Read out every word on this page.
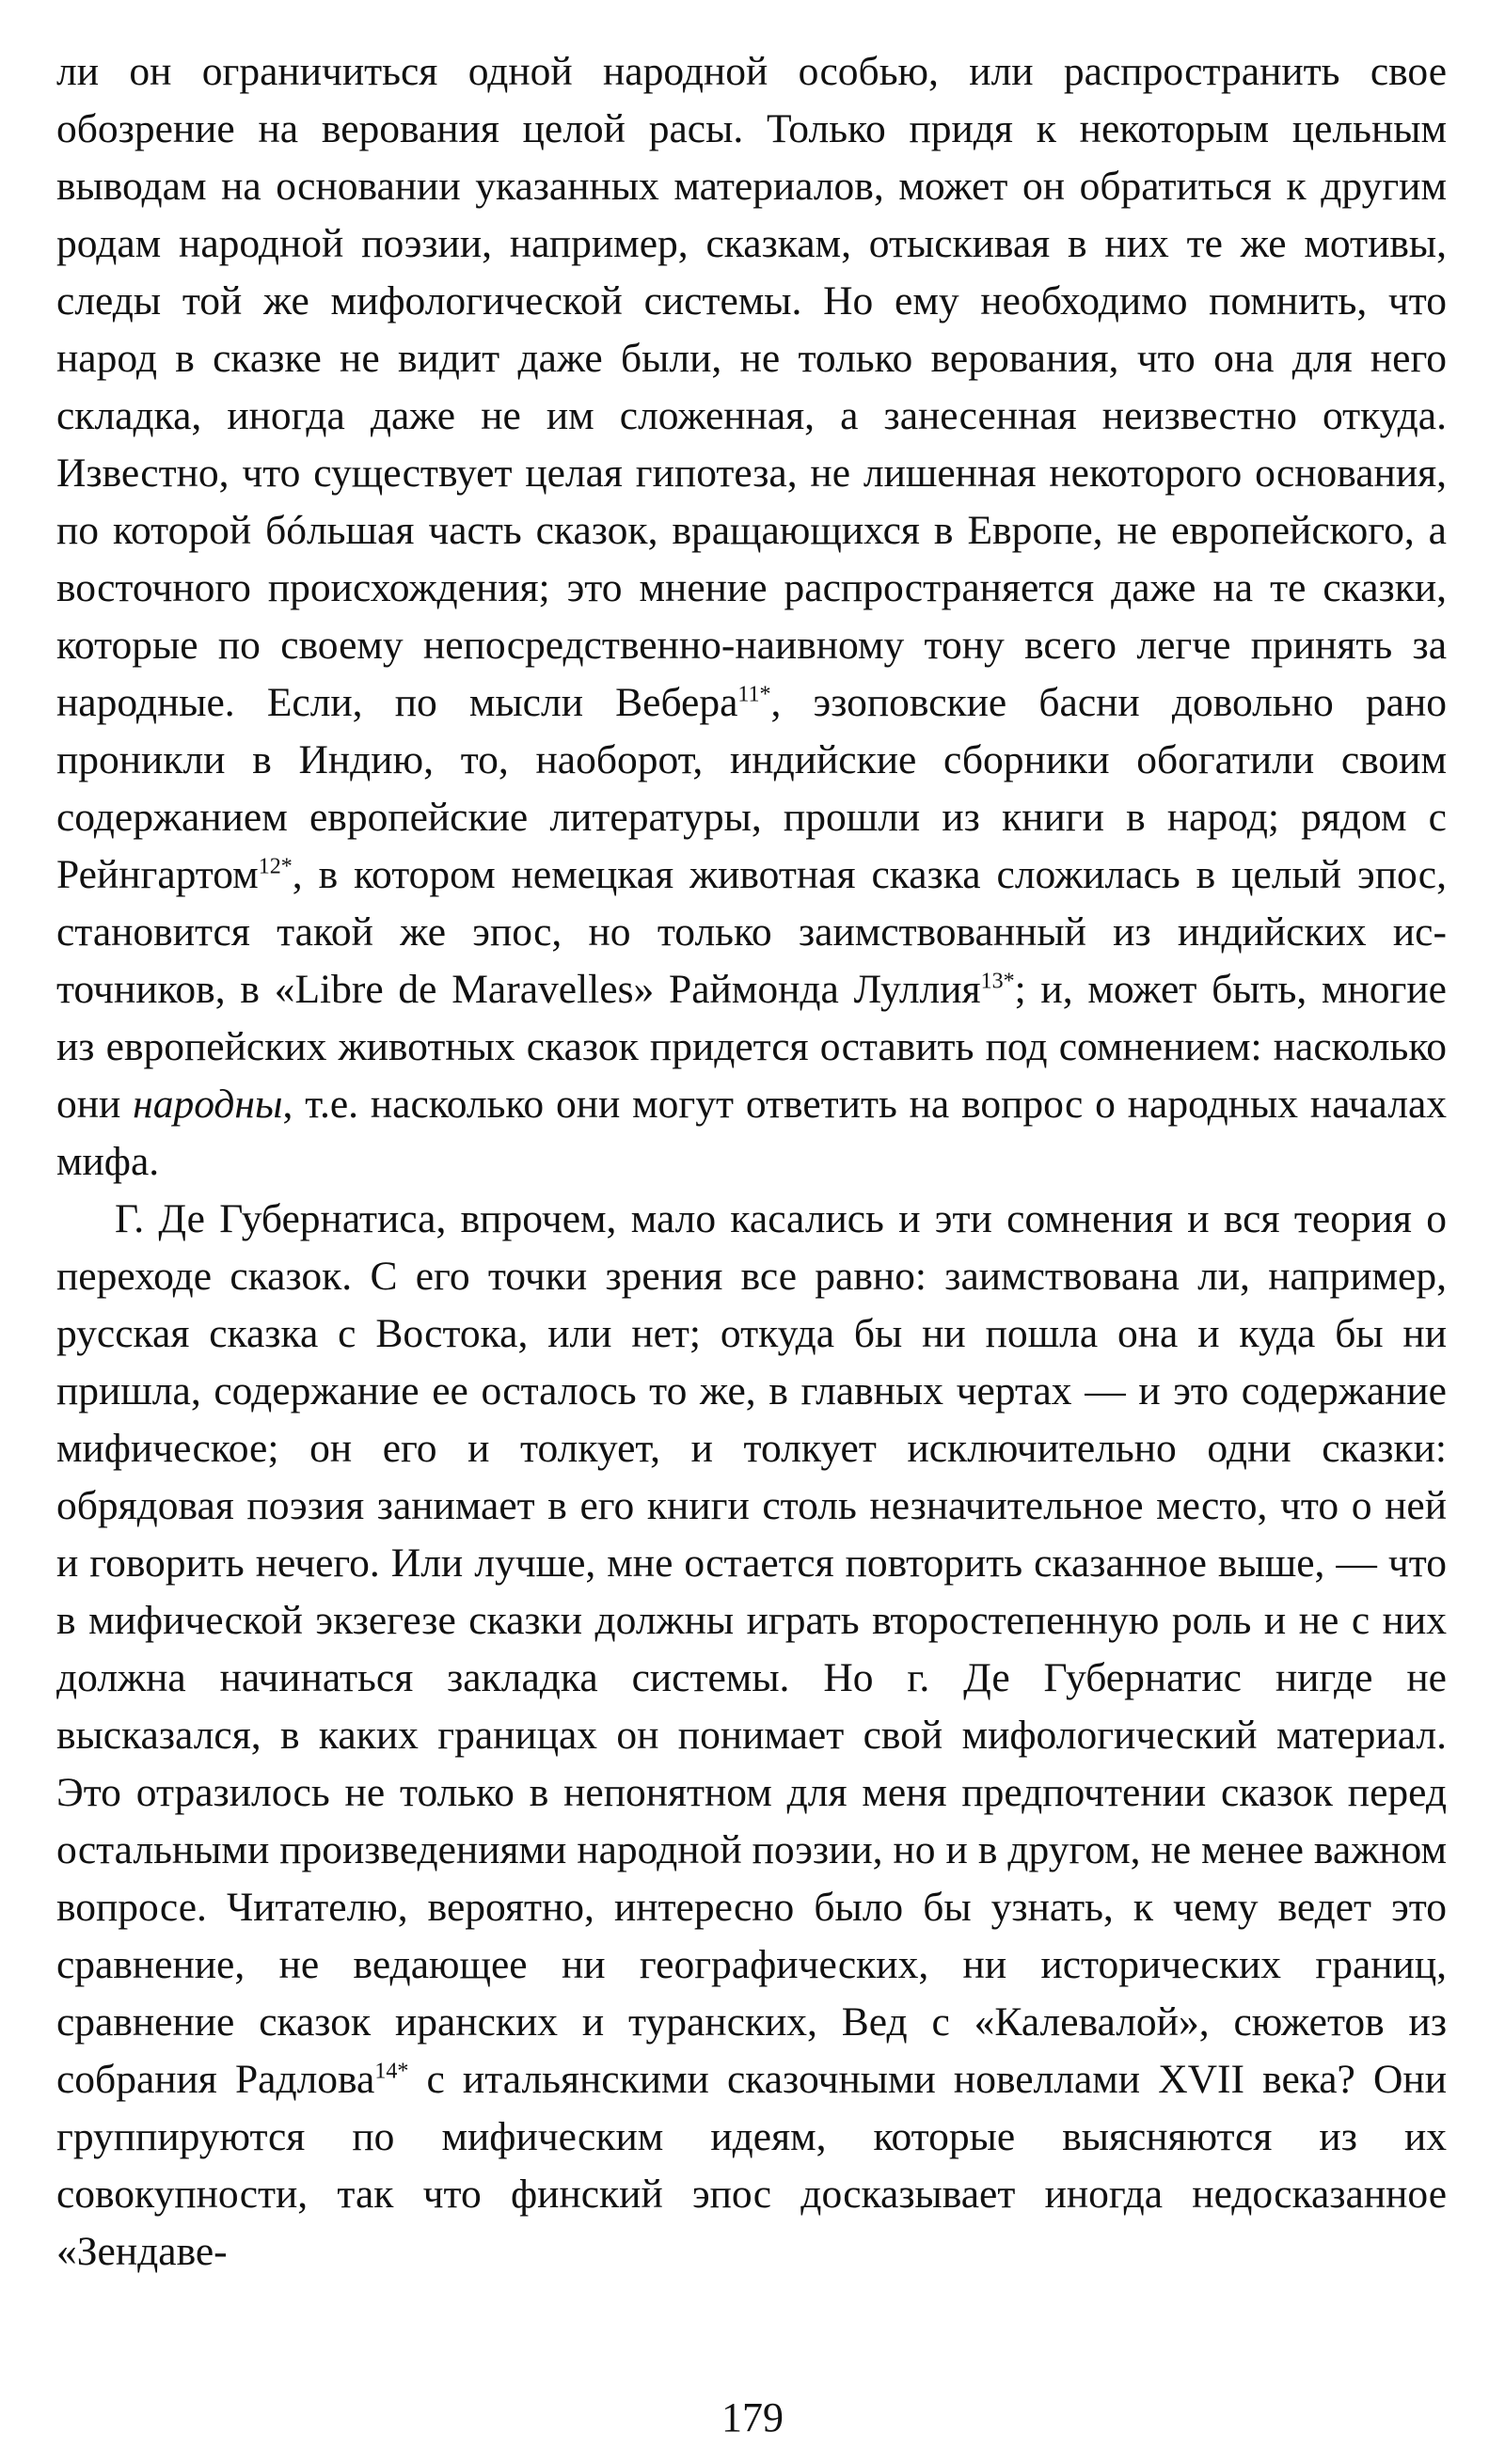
ли он ограничиться одной народной особью, или распространить свое обозрение на верования целой расы. Только придя к некоторым цельным выводам на основании указанных материалов, может он обратиться к другим родам народной поэзии, например, сказкам, отыскивая в них те же мотивы, следы той же мифологической системы. Но ему необходимо помнить, что народ в сказке не видит даже были, не только верования, что она для него складка, иногда даже не им сложенная, а занесенная неизвестно откуда. Известно, что существует целая гипотеза, не лишенная некоторого основания, по которой бóльшая часть сказок, вращающихся в Европе, не европейского, а восточного происхождения; это мнение распространяется даже на те сказки, которые по своему непосредственно-наивному тону всего легче принять за народные. Если, по мысли Вебера$^{11*}$, эзоповские басни довольно рано проникли в Индию, то, наоборот, индийские сборники обогатили своим содержанием европейские литературы, прошли из книги в народ; рядом с Рейнгартом$^{12*}$, в котором немецкая животная сказка сложилась в целый эпос, становится такой же эпос, но только заимствованный из индийских источников, в «Libre de Maravelles» Раймонда Луллия$^{13*}$; и, может быть, многие из европейских животных сказок придется оставить под сомнением: насколько они народны, т.е. насколько они могут ответить на вопрос о народных началах мифа.

Г. Де Губернатиса, впрочем, мало касались и эти сомнения и вся теория о переходе сказок. С его точки зрения все равно: заимствована ли, например, русская сказка с Востока, или нет; откуда бы ни пошла она и куда бы ни пришла, содержание ее осталось то же, в главных чертах — и это содержание мифическое; он его и толкует, и толкует исключительно одни сказки: обрядовая поэзия занимает в его книги столь незначительное место, что о ней и говорить нечего. Или лучше, мне остается повторить сказанное выше, — что в мифической экзегезе сказки должны играть второстепенную роль и не с них должна начинаться закладка системы. Но г. Де Губернатис нигде не высказался, в каких границах он понимает свой мифологический материал. Это отразилось не только в непонятном для меня предпочтении сказок перед остальными произведениями народной поэзии, но и в другом, не менее важном вопросе. Читателю, вероятно, интересно было бы узнать, к чему ведет это сравнение, не ведающее ни географических, ни исторических границ, сравнение сказок иранских и туранских, Вед с «Калевалой», сюжетов из собрания Радлова$^{14*}$ с итальянскими сказочными новеллами XVII века? Они группируются по мифическим идеям, которые выясняются из их совокупности, так что финский эпос досказывает иногда недосказанное «Зендаве-

179
